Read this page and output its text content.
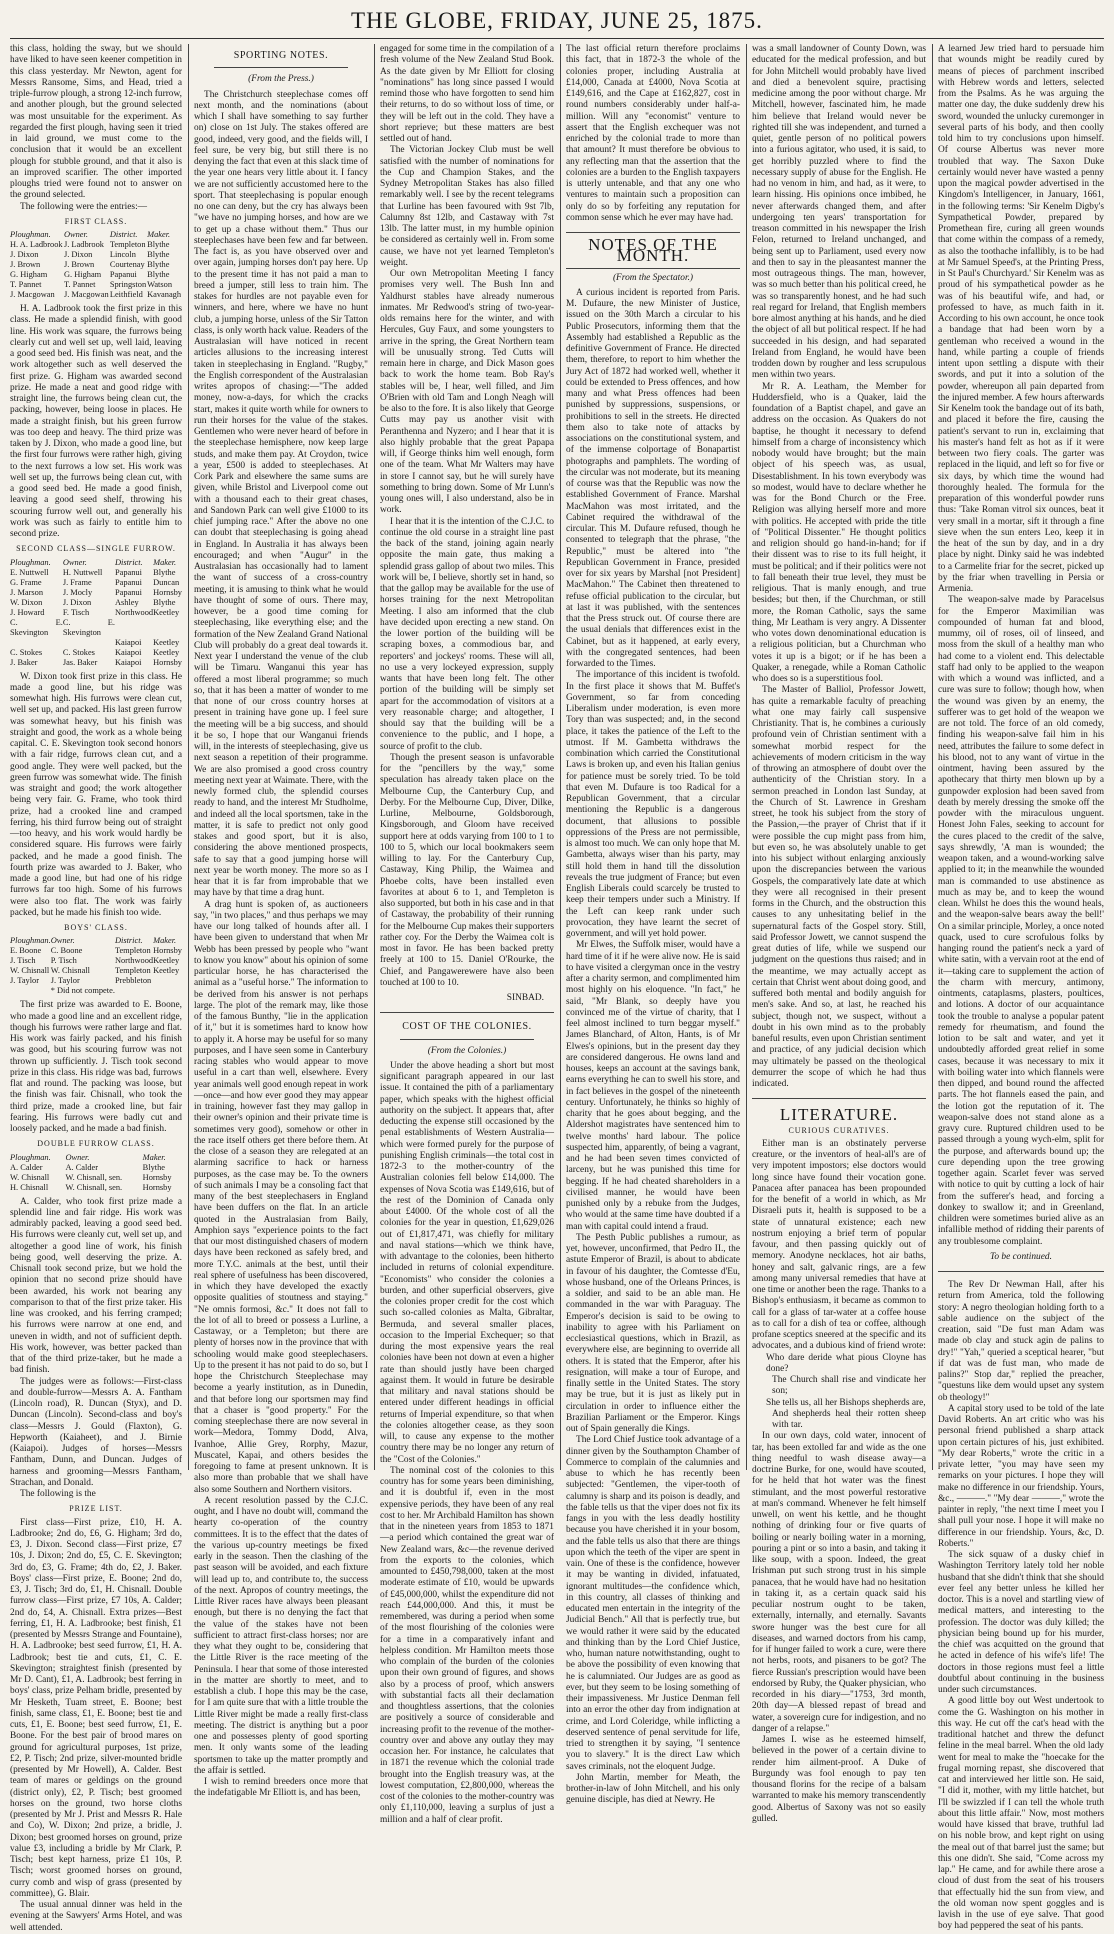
THE GLOBE, FRIDAY, JUNE 25, 1875.

this class, holding the sway, but we should have liked to have seen keener competition in this class yesterday. Mr Newton, agent for Messrs Ransome, Sims, and Head, tried a triple-furrow plough, a strong 12-inch furrow, and another plough, but the ground selected was most unsuitable for the experiment. As regarded the first plough, having seen it tried in laid ground, we must come to the conclusion that it would be an excellent plough for stubble ground, and that it also is an improved scarifier. The other imported ploughs tried were found not to answer on the ground selected.

The following were the entries:—

FIRST CLASS.
Ploughman.	Owner.	District.	Maker.
H. A. Ladbrook	J. Ladbrook	Templeton	Blythe
J. Dixon	J. Dixon	Lincoln	Blythe
J. Brown	J. Brown	Courtenay	Blythe
G. Higham	G. Higham	Papanui	Blythe
T. Pannet	T. Pannet	Springston	Watson
J. Macgowan	J. Macgowan	Leithfield	Kavanagh

H. A. Ladbrook took the first prize in this class. He made a splendid finish, with good line. His work was square, the furrows being clearly cut and well set up, well laid, leaving a good seed bed. His finish was neat, and the work altogether such as well deserved the first prize. G. Higham was awarded second prize. He made a neat and good ridge with straight line, the furrows being clean cut, the packing, however, being loose in places. He made a straight finish, but his green furrow was too deep and heavy. The third prize was taken by J. Dixon, who made a good line, but the first four furrows were rather high, giving to the next furrows a low set. His work was well set up, the furrows being clean cut, with a good seed bed. He made a good finish, leaving a good seed shelf, throwing his scouring furrow well out, and generally his work was such as fairly to entitle him to second prize.

SECOND CLASS—SINGLE FURROW.
Ploughman.	Owner.	District.	Maker.
E. Nuttwell	H. Nuttwell	Papanui	Blythe
G. Frame	J. Frame	Papanui	Duncan
J. Marson	J. Mocly	Papanui	Hornsby
W. Dixon	J. Dixon	Ashley	Blythe
J. Howard	F. Tisch	Northwood	Keetley
C. E. Skevington	C. E. Skevington		
		Kaiapoi	Keetley
C. Stokes	C. Stokes	Kaiapoi	Keetley
J. Baker	Jas. Baker	Kaiapoi	Hornsby

W. Dixon took first prize in this class. He made a good line, but his ridge was somewhat high. His furrows were clean cut, well set up, and packed. His last green furrow was somewhat heavy, but his finish was straight and good, the work as a whole being capital. C. E. Skevington took second honors with a fair ridge, furrows clean cut, and a good angle. They were well packed, but the green furrow was somewhat wide. The finish was straight and good; the work altogether being very fair. G. Frame, who took third prize, had a crooked line and cramped ferring, his third furrow being out of straight—too heavy, and his work would hardly be considered square. His furrows were fairly packed, and he made a good finish. The fourth prize was awarded to J. Baker, who made a good line, but had one of his ridge furrows far too high. Some of his furrows were also too flat. The work was fairly packed, but he made his finish too wide.

BOYS' CLASS.
Ploughman.	Owner.	District.	Maker.
E. Boone	C. Boone	Templeton	Hornsby
J. Tisch	P. Tisch	Northwood	Keetley
W. Chisnall	W. Chisnall	Templeton	Keetley
J. Taylor	J. Taylor	Prebbleton	
	* Did not compete.		

The first prize was awarded to E. Boone, who made a good line and an excellent ridge, though his furrows were rather large and flat. His work was fairly packed, and his finish was good, but his scouring furrow was not thrown up sufficiently. J. Tisch took second prize in this class. His ridge was bad, furrows flat and round. The packing was loose, but the finish was fair. Chisnall, who took the third prize, made a crooked line, but fair fearing. His furrows were badly cut and loosely packed, and he made a bad finish.

DOUBLE FURROW CLASS.
Ploughman.	Owner.	Maker.
A. Calder	A. Calder	Blythe
W. Chisnall	W. Chisnall, sen.	Hornsby
H. Chisnall	W. Chisnall, sen.	Hornsby

A. Calder, who took first prize made a splendid line and fair ridge. His work was admirably packed, leaving a good seed bed. His furrows were cleanly cut, well set up, and altogether a good line of work, his finish being good, well deserving the prize. A. Chisnall took second prize, but we hold the opinion that no second prize should have been awarded, his work not bearing any comparison to that of the first prize taker. His line was crooked, and his ferring cramped; his furrows were narrow at one end, and uneven in width, and not of sufficient depth. His work, however, was better packed than that of the third prize-taker, but he made a bad finish.

The judges were as follows:—First-class and double-furrow—Messrs A. A. Fantham (Lincoln road), R. Duncan (Styx), and D. Duncan (Lincoln). Second-class and boy's class—Messrs J. Gould (Flaxton), G. Hepworth (Kaiaheet), and J. Birnie (Kaiapoi). Judges of horses—Messrs Fantham, Dunn, and Duncan. Judges of harness and grooming—Messrs Fantham, Strachan, and Donald.

The following is the

PRIZE LIST.

First class—First prize, £10, H. A. Ladbrooke; 2nd do, £6, G. Higham; 3rd do, £3, J. Dixon. Second class—First prize, £7 10s, J. Dixon; 2nd do, £5, C. E. Skevington; 3rd do, £3, G. Frame; 4th do, £2, J. Baker. Boys' class—First prize, E. Boone; 2nd do, £3, J. Tisch; 3rd do, £1, H. Chisnall. Double furrow class—First prize, £7 10s, A. Calder; 2nd do, £4, A. Chisnall. Extra prizes—Best ferring, £1, H. A. Ladbrooke; best finish, £1 (presented by Messrs Strange and Fountaine), H. A. Ladbrooke; best seed furrow, £1, H. A. Ladbrook; best tie and cuts, £1, C. E. Skevington; straightest finish (presented by Mr D. Cant), £1, A. Ladbrook; best ferring in boys' class, prize Pelham bridle, presented by Mr Hesketh, Tuam street, E. Boone; best finish, same class, £1, E. Boone; best tie and cuts, £1, E. Boone; best seed furrow, £1, E. Boone. For the best pair of brood mares on ground for agricultural purposes, 1st prize, £2, P. Tisch; 2nd prize, silver-mounted bridle (presented by Mr Howell), A. Calder. Best team of mares or geldings on the ground (district only), £2, P. Tisch; best groomed horses on the ground, two horse cloths (presented by Mr J. Prist and Messrs R. Hale and Co), W. Dixon; 2nd prize, a bridle, J. Dixon; best groomed horses on ground, prize value £3, including a bridle by Mr Clark, P. Tisch; best kept harness, prize £1 10s, P. Tisch; worst groomed horses on ground, curry comb and wisp of grass (presented by committee), G. Blair.

The usual annual dinner was held in the evening at the Sawyers' Arms Hotel, and was well attended.

SPORTING NOTES.
(From the Press.)

The Christchurch steeplechase comes off next month, and the nominations (about which I shall have something to say further on) close on 1st July. The stakes offered are good, indeed, very good, and the fields will, I feel sure, be very big, but still there is no denying the fact that even at this slack time of the year one hears very little about it. I fancy we are not sufficiently accustomed here to the sport. That steeplechasing is popular enough no one can deny, but the cry has always been "we have no jumping horses, and how are we to get up a chase without them." Thus our steeplechases have been few and far between. The fact is, as you have observed over and over again, jumping horses don't pay here. Up to the present time it has not paid a man to breed a jumper, still less to train him. The stakes for hurdles are not payable even for winners, and here, where we have no hunt club, a jumping horse, unless of the Sir Tatton class, is only worth hack value. Readers of the Australasian will have noticed in recent articles allusions to the increasing interest taken in steeplechasing in England. "Rugby," the English correspondent of the Australasian writes apropos of chasing:—"The added money, now-a-days, for which the cracks start, makes it quite worth while for owners to run their horses for the value of the stakes. Gentlemen who were never heard of before in the steeplechase hemisphere, now keep large studs, and make them pay. At Croydon, twice a year, £500 is added to steeplechases. At Cork Park and elsewhere the same sums are given, while Bristol and Liverpool come out with a thousand each to their great chases, and Sandown Park can well give £1000 to its chief jumping race." After the above no one can doubt that steeplechasing is going ahead in England. In Australia it has always been encouraged; and when "Augur" in the Australasian has occasionally had to lament the want of success of a cross-country meeting, it is amusing to think what he would have thought of some of ours. There may, however, be a good time coming for steeplechasing, like everything else; and the formation of the New Zealand Grand National Club will probably do a great deal towards it. Next year I understand the venue of the club will be Timaru. Wanganui this year has offered a most liberal programme; so much so, that it has been a matter of wonder to me that none of our cross country horses at present in training have gone up. I feel sure the meeting will be a big success, and should it be so, I hope that our Wanganui friends will, in the interests of steeplechasing, give us next season a repetition of their programme. We are also promised a good cross country meeting next year at Waimate. There, with the newly formed club, the splendid courses ready to hand, and the interest Mr Studholme, and indeed all the local sportsmen, take in the matter, it is safe to predict not only good stakes and good sport, but it is also, considering the above mentioned prospects, safe to say that a good jumping horse will next year be worth money. The more so as I hear that it is far from improbable that we may have by that time a drag hunt.

A drag hunt is spoken of, as auctioneers say, "in two places," and thus perhaps we may have our long talked of hounds after all. I have been given to understand that when Mr Webb has been pressed by people who "want to know you know" about his opinion of some particular horse, he has characterised the animal as a "useful horse." The information to be derived from his answer is not perhaps large. The plot of the remark may, like those of the famous Bunthy, "lie in the application of it," but it is sometimes hard to know how to apply it. A horse may be useful for so many purposes, and I have seen some in Canterbury racing stables who would appear to move useful in a cart than well, elsewhere. Every year animals well good enough repeat in work—once—and how ever good they may appear in training, however fast they may gallop in their owner's opinion and their private time is sometimes very good), somehow or other in the race itself others get there before them. At the close of a season they are relegated at an alarming sacrifice to hack or harness purposes, as the case may be. To the owners of such animals I may be a consoling fact that many of the best steeplechasers in England have been duffers on the flat. In an article quoted in the Australasian from Baily, Amphion says "experience points to the fact that our most distinguished chasers of modern days have been reckoned as safely bred, and more T.Y.C. animals at the best, until their real sphere of usefulness has been discovered, in which they have developed the exactly opposite qualities of stoutness and staying." "Ne omnis formosi, &c." It does not fall to the lot of all to breed or possess a Lurline, a Castaway, or a Templeton; but there are plenty of horses now in the province that with schooling would make good steeplechasers. Up to the present it has not paid to do so, but I hope the Christchurch Steeplechase may become a yearly institution, as in Dunedin, and that before long our sportsmen may find that a chaser is "good property." For the coming steeplechase there are now several in work—Medora, Tommy Dodd, Alva, Ivanhoe, Allie Grey, Rorphy, Mazur, Muscatel, Kapai, and others besides the foregoing to fame at present unknown. It is also more than probable that we shall have also some Southern and Northern visitors.

A recent resolution passed by the C.J.C. ought, and I have no doubt will, command the hearty co-operation of the country committees. It is to the effect that the dates of the various up-country meetings be fixed early in the season. Then the clashing of the past season will be avoided, and each fixture will lead up to, and contribute to, the success of the next. Apropos of country meetings, the Little River races have always been pleasant enough, but there is no denying the fact that the value of the stakes have not been sufficient to attract first-class horses; nor are they what they ought to be, considering that the Little River is the race meeting of the Peninsula. I hear that some of those interested in the matter are shortly to meet, and to establish a club. I hope this may be the case, for I am quite sure that with a little trouble the Little River might be made a really first-class meeting. The district is anything but a poor one and possesses plenty of good sporting men. It only wants some of the leading sportsmen to take up the matter promptly and the affair is settled.

I wish to remind breeders once more that the indefatigable Mr Elliott is, and has been,

engaged for some time in the compilation of a fresh volume of the New Zealand Stud Book. As the date given by Mr Elliott for closing "nominations" has long since passed I would remind those who have forgotten to send him their returns, to do so without loss of time, or they will be left out in the cold. They have a short reprieve; but these matters are best settled out of hand.

The Victorian Jockey Club must be well satisfied with the number of nominations for the Cup and Champion Stakes, and the Sydney Metropolitan Stakes has also filled remarkably well. I see by the recent telegrams that Lurline has been favoured with 9st 7lb, Calumny 8st 12lb, and Castaway with 7st 13lb. The latter must, in my humble opinion be considered as certainly well in. From some cause, we have not yet learned Templeton's weight.

Our own Metropolitan Meeting I fancy promises very well. The Bush Inn and Yaldhurst stables have already numerous inmates. Mr Redwood's string of two-year-olds remains here for the winter, and with Hercules, Guy Faux, and some youngsters to arrive in the spring, the Great Northern team will be unusually strong. Ted Cutts will remain here in charge, and Dick Mason goes back to work the home team. Bob Ray's stables will be, I hear, well filled, and Jim O'Brien with old Tam and Longh Neagh will be also to the fore. It is also likely that George Cutts may pay us another visit with Peranthenna and Nyzero; and I hear that it is also highly probable that the great Papapa will, if George thinks him well enough, form one of the team. What Mr Walters may have in store I cannot say, but he will surely have something to bring down. Some of Mr Lunn's young ones will, I also understand, also be in work.

I hear that it is the intention of the C.J.C. to continue the old course in a straight line past the back of the stand, joining again nearly opposite the main gate, thus making a splendid grass gallop of about two miles. This work will be, I believe, shortly set in hand, so that the gallop may be available for the use of horses training for the next Metropolitan Meeting. I also am informed that the club have decided upon erecting a new stand. On the lower portion of the building will be scraping boxes, a commodious bar, and reporters' and jockeys' rooms. These will all, no use a very lockeyed expression, supply wants that have been long felt. The other portion of the building will be simply set apart for the accommodation of visitors at a very reasonable charge; and altogether, I should say that the building will be a convenience to the public, and I hope, a source of profit to the club.

Though the present season is unfavorable for the "pencillers by the way," some speculation has already taken place on the Melbourne Cup, the Canterbury Cup, and Derby. For the Melbourne Cup, Diver, Dilke, Lurline, Melbourne, Goldsborough, Kingsborough, and Gloom have received support here at odds varying from 100 to 1 to 100 to 5, which our local bookmakers seem willing to lay. For the Canterbury Cup, Castaway, King Philip, the Waimea and Phoebe colts, have been installed even favorites at about 6 to 1, and Templeton is also supported, but both in his case and in that of Castaway, the probability of their running for the Melbourne Cup makes their supporters rather coy. For the Derby the Waimea colt is most in favor. He has been backed pretty freely at 100 to 15. Daniel O'Rourke, the Chief, and Pangawerewere have also been touched at 100 to 10.

SINBAD.
COST OF THE COLONIES.
(From the Colonies.)

Under the above heading a short but most significant paragraph appeared in our last issue. It contained the pith of a parliamentary paper, which speaks with the highest official authority on the subject. It appears that, after deducting the expense still occasioned by the penal establishments of Western Australia—which were formed purely for the purpose of punishing English criminals—the total cost in 1872-3 to the mother-country of the Australian colonies fell below £14,000. The expenses of Nova Scotia was £149,616, but of the rest of the Dominion of Canada only about £4000. Of the whole cost of all the colonies for the year in question, £1,629,026 out of £1,817,471, was chiefly for military and naval stations—which we think have, with advantage to the colonies, been hitherto included in returns of colonial expenditure. "Economists" who consider the colonies a burden, and other superficial observers, give the colonies proper credit for the cost which such so-called colonies as Malta, Gibraltar, Bermuda, and several smaller places, occasion to the Imperial Exchequer; so that during the most expensive years the real colonies have been not down at even a higher rate than should justly have been charged against them. It would in future be desirable that military and naval stations should be entered under different headings in official returns of Imperial expenditure, so that when the colonies altogether cease, as they soon will, to cause any expense to the mother country there may be no longer any return of the "Cost of the Colonies."

The nominal cost of the colonies to this country has for some years been diminishing, and it is doubtful if, even in the most expensive periods, they have been of any real cost to her. Mr Archibald Hamilton has shown that in the nineteen years from 1853 to 1871—a period which contained the great war of New Zealand wars, &c—the revenue derived from the exports to the colonies, which amounted to £450,798,000, taken at the most moderate estimate of £10, would be upwards of £45,000,000, whilst the expenditure did not reach £44,000,000. And this, it must be remembered, was during a period when some of the most flourishing of the colonies were for a time in a comparatively infant and helpless condition. Mr Hamilton meets those who complain of the burden of the colonies upon their own ground of figures, and shows also by a process of proof, which answers with substantial facts all their declamation and thoughtless assertions, that the colonies are positively a source of considerable and increasing profit to the revenue of the mother-country over and above any outlay they may occasion her. For instance, he calculates that in 1871 the revenue which the colonial trade brought into the English treasury was, at the lowest computation, £2,800,000, whereas the cost of the colonies to the mother-country was only £1,110,000, leaving a surplus of just a million and a half of clear profit.

The last official return therefore proclaims this fact, that in 1872-3 the whole of the colonies proper, including Australia at £14,000, Canada at £4000, Nova Scotia at £149,616, and the Cape at £162,827, cost in round numbers considerably under half-a-million. Will any "economist" venture to assert that the English exchequer was not enriched by the colonial trade to more than that amount? It must therefore be obvious to any reflecting man that the assertion that the colonies are a burden to the English taxpayers is utterly untenable, and that any one who ventures to maintain such a proposition can only do so by forfeiting any reputation for common sense which he ever may have had.

NOTES OF THE MONTH.
(From the Spectator.)

A curious incident is reported from Paris. M. Dufaure, the new Minister of Justice, issued on the 30th March a circular to his Public Prosecutors, informing them that the Assembly had established a Republic as the definitive Government of France. He directed them, therefore, to report to him whether the Jury Act of 1872 had worked well, whether it could be extended to Press offences, and how many and what Press offences had been punished by suppressions, suspensions, or prohibitions to sell in the streets. He directed them also to take note of attacks by associations on the constitutional system, and of the immense colportage of Bonapartist photographs and pamphlets. The wording of the circular was not moderate, but its meaning of course was that the Republic was now the established Government of France. Marshal MacMahon was most irritated, and the Cabinet required the withdrawal of the circular. This M. Dufaure refused, though he consented to telegraph that the phrase, "the Republic," must be altered into "the Republican Government in France, presided over for six years by Marshal [not President] MacMahon." The Cabinet then threatened to refuse official publication to the circular, but at last it was published, with the sentences that the Press struck out. Of course there are the usual denials that differences exist in the Cabinet, but as it happened, at early every, with the congregated sentences, had been forwarded to the Times.

The importance of this incident is twofold. In the first place it shows that M. Buffet's Government, so far from conceding Liberalism under moderation, is even more Tory than was suspected; and, in the second place, it takes the patience of the Left to the utmost. If M. Gambetta withdraws the combination which carried the Constitutional Laws is broken up, and even his Italian genius for patience must be sorely tried. To be told that even M. Dufaure is too Radical for a Republican Government, that a circular mentioning the Republic is a dangerous document, that allusions to possible oppressions of the Press are not permissible, is almost too much. We can only hope that M. Gambetta, always wiser than his party, may still hold them in hand till the dissolution reveals the true judgment of France; but even English Liberals could scarcely be trusted to keep their tempers under such a Ministry. If the Left can keep rank under such provocation, they have learnt the secret of government, and will yet hold power.

Mr Elwes, the Suffolk miser, would have a hard time of it if he were alive now. He is said to have visited a clergyman once in the vestry after a charity sermon, and complimented him most highly on his eloquence. "In fact," he said, "Mr Blank, so deeply have you convinced me of the virtue of charity, that I feel almost inclined to turn beggar myself." James Blanchard, of Alton, Hants, is of Mr Elwes's opinions, but in the present day they are considered dangerous. He owns land and houses, keeps an account at the savings bank, earns everything he can to swell his store, and in fact believes in the gospel of the nineteenth century. Unfortunately, he thinks so highly of charity that he goes about begging, and the Aldershot magistrates have sentenced him to twelve months' hard labour. The police suspected him, apparently, of being a vagrant, and he had been seven times convicted of larceny, but he was punished this time for begging. If he had cheated shareholders in a civilised manner, he would have been punished only by a rebuke from the Judges, who would at the same time have doubted if a man with capital could intend a fraud.

The Pesth Public publishes a rumour, as yet, however, unconfirmed, that Pedro II., the astute Emperor of Brazil, is about to abdicate in favour of his daughter, the Comtesse d'Eu, whose husband, one of the Orleans Princes, is a soldier, and said to be an able man. He commanded in the war with Paraguay. The Emperor's decision is said to be owing to inability to agree with his Parliament on ecclesiastical questions, which in Brazil, as everywhere else, are beginning to override all others. It is stated that the Emperor, after his resignation, will make a tour of Europe, and finally settle in the United States. The story may be true, but it is just as likely put in circulation in order to influence either the Brazilian Parliament or the Emperor. Kings out of Spain generally die Kings.

The Lord Chief Justice took advantage of a dinner given by the Southampton Chamber of Commerce to complain of the calumnies and abuse to which he has recently been subjected: "Gentlemen, the viper-tooth of calumny is sharp and its poison is deadly, and the fable tells us that the viper does not fix its fangs in you with the less deadly hostility because you have cherished it in your bosom, and the fable tells us also that there are things upon which the teeth of the viper are spent in vain. One of these is the confidence, however it may be wanting in divided, infatuated, ignorant multitudes—the confidence which, in this country, all classes of thinking and educated men entertain in the integrity of the Judicial Bench." All that is perfectly true, but we would rather it were said by the educated and thinking than by the Lord Chief Justice, who, human nature notwithstanding, ought to be above the possibility of even knowing that he is calumniated. Our Judges are as good as ever, but they seem to be losing something of their impassiveness. Mr Justice Denman fell into an error the other day from indignation at crime, and Lord Coleridge, while inflicting a deserved sentence of penal servitude for life, tried to strengthen it by saying, "I sentence you to slavery." It is the direct Law which saves criminals, not the eloquent Judge.

John Martin, member for Meath, the brother-in-law of John Mitchell, and his only genuine disciple, has died at Newry. He

was a small landowner of County Down, was educated for the medical profession, and but for John Mitchell would probably have lived and died a benevolent squire, practising medicine among the poor without charge. Mr Mitchell, however, fascinated him, he made him believe that Ireland would never be righted till she was independent, and turned a quiet, gentle person of no political powers into a furious agitator, who used, it is said, to get horribly puzzled where to find the necessary supply of abuse for the English. He had no venom in him, and had, as it were, to learn hissing. His opinions once imbibed, he never afterwards changed them, and after undergoing ten years' transportation for treason committed in his newspaper the Irish Felon, returned to Ireland unchanged, and being sent up to Parliament, used every now and then to say in the pleasantest manner the most outrageous things. The man, however, was so much better than his political creed, he was so transparently honest, and he had such real regard for Ireland, that English members bore almost anything at his hands, and he died the object of all but political respect. If he had succeeded in his design, and had separated Ireland from England, he would have been trodden down by rougher and less scrupulous men within two years.

Mr R. A. Leatham, the Member for Huddersfield, who is a Quaker, laid the foundation of a Baptist chapel, and gave an address on the occasion. As Quakers do not baptise, he thought it necessary to defend himself from a charge of inconsistency which nobody would have brought; but the main object of his speech was, as usual, Disestablishment. In his town everybody was so modest, would have to declare whether he was for the Bond Church or the Free. Religion was allying herself more and more with politics. He accepted with pride the title of "Political Dissenter." He thought politics and religion should go hand-in-hand; for if their dissent was to rise to its full height, it must be political; and if their politics were not to fall beneath their true level, they must be religious. That is manly enough, and true besides; but then, if the Churchman, or still more, the Roman Catholic, says the same thing, Mr Leatham is very angry. A Dissenter who votes down denominational education is a religious politician, but a Churchman who votes it up is a bigot; or if he has been a Quaker, a renegade, while a Roman Catholic who does so is a superstitious fool.

The Master of Balliol, Professor Jowett, has quite a remarkable faculty of preaching what one may fairly call suspensive Christianity. That is, he combines a curiously profound vein of Christian sentiment with a somewhat morbid respect for the achievements of modern criticism in the way of throwing an atmosphere of doubt over the authenticity of the Christian story. In a sermon preached in London last Sunday, at the Church of St. Lawrence in Gresham street, he took his subject from the story of the Passion,—the prayer of Christ that if it were possible the cup might pass from him, but even so, he was absolutely unable to get into his subject without enlarging anxiously upon the discrepancies between the various Gospels, the comparatively late date at which they were all recognised in their present forms in the Church, and the obstruction this causes to any unhesitating belief in the supernatural facts of the Gospel story. Still, said Professor Jowett, we cannot suspend the great duties of life, while we suspend our judgment on the questions thus raised; and in the meantime, we may actually accept as certain that Christ went about doing good, and suffered both mental and bodily anguish for men's sake. And so, at last, he reached his subject, though not, we suspect, without a doubt in his own mind as to the probably baneful results, even upon Christian sentiment and practice, of any judicial decision which may ultimately be passed on the theological demurrer the scope of which he had thus indicated.

LITERATURE.
CURIOUS CURATIVES.

Either man is an obstinately perverse creature, or the inventors of heal-all's are of very impotent impostors; else doctors would long since have found their vocation gone. Panacea after panacea has been propounded for the benefit of a world in which, as Mr Disraeli puts it, health is supposed to be a state of unnatural existence; each new nostrum enjoying a brief term of popular favour, and then passing quickly out of memory. Anodyne necklaces, hot air baths, honey and salt, galvanic rings, are a few among many universal remedies that have at one time or another been the rage. Thanks to a Bishop's enthusiasm, it became as common to call for a glass of tar-water at a coffee house as to call for a dish of tea or coffee, although profane sceptics sneered at the specific and its advocates, and a dubious kind of friend wrote:

Who dare deride what pious Cloyne has done?

The Church shall rise and vindicate her son;

She tells us, all her Bishops shepherds are,

And shepherds heal their rotten sheep with tar.

In our own days, cold water, innocent of tar, has been extolled far and wide as the one thing needful to wash disease away—a doctrine Burke, for one, would have scouted, for he held that hot water was the finest stimulant, and the most powerful restorative at man's command. Whenever he felt himself unwell, on went his kettle, and he thought nothing of drinking four or five quarts of boiling or nearly boiling water in a morning, pouring a pint or so into a basin, and taking it like soup, with a spoon. Indeed, the great Irishman put such strong trust in his simple panacea, that he would have had no hesitation in taking it, as a certain quack said his peculiar nostrum ought to be taken, externally, internally, and eternally. Savants swore hunger was the best cure for all diseases, and warned doctors from his camp, for if hunger failed to work a cure, were there not herbs, roots, and pisaners to be got? The fierce Russian's prescription would have been endorsed by Ruby, the Quaker physician, who recorded in his diary—"1753, 3rd month, 20th day—A blessed repast of bread and water, a sovereign cure for indigestion, and no danger of a relapse."

James I. wise as he esteemed himself, believed in the power of a certain divine to render him ailment-proof. A Duke of Burgundy was fool enough to pay ten thousand florins for the recipe of a balsam warranted to make his memory transcendently good. Albertus of Saxony was not so easily gulled.

A learned Jew tried hard to persuade him that wounds might be readily cured by means of pieces of parchment inscribed with Hebrew words and letters, selected from the Psalms. As he was arguing the matter one day, the duke suddenly drew his sword, wounded the unlucky curemonger in several parts of his body, and then coolly told him to try conclusions upon himself. Of course Albertus was never more troubled that way. The Saxon Duke certainly would never have wasted a penny upon the magical powder advertised in the Kingdom's Intelligencer, in January, 1661, in the following terms: 'Sir Kenelm Digby's Sympathetical Powder, prepared by Promethean fire, curing all green wounds that come within the compass of a remedy, as also the toothache infallibly, is to be had at Mr Samuel Speed's, at the Printing Press, in St Paul's Churchyard.' Sir Kenelm was as proud of his sympathetical powder as he was of his beautiful wife, and had, or professed to have, as much faith in it. According to his own account, he once took a bandage that had been worn by a gentleman who received a wound in the hand, while parting a couple of friends intent upon settling a dispute with their swords, and put it into a solution of the powder, whereupon all pain departed from the injured member. A few hours afterwards Sir Kenelm took the bandage out of its bath, and placed it before the fire, causing the patient's servant to run in, exclaiming that his master's hand felt as hot as if it were between two fiery coals. The garter was replaced in the liquid, and left so for five or six days, by which time the wound had thoroughly healed. The formula for the preparation of this wonderful powder runs thus: 'Take Roman vitrol six ounces, beat it very small in a mortar, sift it through a fine sieve when the sun enters Leo, keep it in the heat of the sun by day, and in a dry place by night. Dinky said he was indebted to a Carmelite friar for the secret, picked up by the friar when travelling in Persia or Armenia.

The weapon-salve made by Paracelsus for the Emperor Maximilian was compounded of human fat and blood, mummy, oil of roses, oil of linseed, and moss from the skull of a healthy man who had come to a violent end. This delectable staff had only to be applied to the weapon with which a wound was inflicted, and a cure was sure to follow; though how, when the wound was given by an enemy, the sufferer was to get hold of the weapon we are not told. The force of an old comedy, finding his weapon-salve fail him in his need, attributes the failure to some defect in his blood, not to any want of virtue in the ointment, having been assured by the apothecary that thirty men blown up by a gunpowder explosion had been saved from death by merely dressing the smoke off the powder with the miraculous unguent. Honest John Fales, seeking to account for the cures placed to the credit of the salve, says shrewdly, 'A man is wounded; the weapon taken, and a wound-working salve applied to it; in the meanwhile the wounded man is commanded to use abstinence as much as may be, and to keep the wound clean. Whilst he does this the wound heals, and the weapon-salve bears away the bell!' On a similar principle, Morley, a once noted quack, used to cure scrofulous folks by hanging round the patient's neck a yard of white satin, with a vervain root at the end of it—taking care to supplement the action of the charm with mercury, antimony, ointments, cataplasms, plasters, poultices, and lotions. A doctor of our acquaintance took the trouble to analyse a popular patent remedy for rheumatism, and found the lotion to be salt and water, and yet it undoubtedly afforded great relief in some cases, because it was necessary to mix it with boiling water into which flannels were then dipped, and bound round the affected parts. The hot flannels eased the pain, and the lotion got the reputation of it. The weapon-salve does not stand alone as a gravy cure. Ruptured children used to be passed through a young wych-elm, split for the purpose, and afterwards bound up; the cure depending upon the tree growing together again. Scarlet fever was served with notice to quit by cutting a lock of hair from the sufferer's head, and forcing a donkey to swallow it; and in Greenland, children were sometimes buried alive as an infallible method of ridding their parents of any troublesome complaint.

To be continued.

The Rev Dr Newman Hall, after his return from America, told the following story: A negro theologian holding forth to a sable audience on the subject of the creation, said "De fust man Adam was made ob clay and stuck agin de palins to dry!" "Yah," queried a sceptical hearer, "but if dat was de fust man, who made de palins?" Stop dar," replied the preacher, "questuns like dem would upset any system ob theology!"

A capital story used to be told of the late David Roberts. An art critic who was his personal friend published a sharp attack upon certain pictures of his, just exhibited. "My dear Roberts," wrote the critic in a private letter, "you may have seen my remarks on your pictures. I hope they will make no difference in our friendship. Yours, &c., ———." "My dear ———," wrote the painter in reply, "the next time I meet you I shall pull your nose. I hope it will make no difference in our friendship. Yours, &c, D. Roberts."

The sick squaw of a dusky chief in Washington Territory lately told her noble husband that she didn't think that she should ever feel any better unless he killed her doctor. This is a novel and startling view of medical matters, and interesting to the profession. The doctor was duly killed; the physician being bound up for his murder, the chief was acquitted on the ground that he acted in defence of his wife's life! The doctors in those regions must feel a little doubtful about continuing in the business under such circumstances.

A good little boy out West undertook to come the G. Washington on his mother in this way. He cut off the cat's head with the traditional hatchet and threw the defunct feline in the meal barrel. When the old lady went for meal to make the "hoecake for the frugal morning repast, she discovered that cat and interviewed her little son. He said, "I did it, mother, with my little hatchet, but I'll be swizzled if I can tell the whole truth about this little affair." Now, most mothers would have kissed that brave, truthful lad on his noble brow, and kept right on using the meal out of that barrel just the same; but this one didn't. She said, "Come across my lap." He came, and for awhile there arose a cloud of dust from the seat of his trousers that effectually hid the sun from view, and the old woman now spent goggles and is lavish in the use of eye salve. That good boy had peppered the seat of his pants.
